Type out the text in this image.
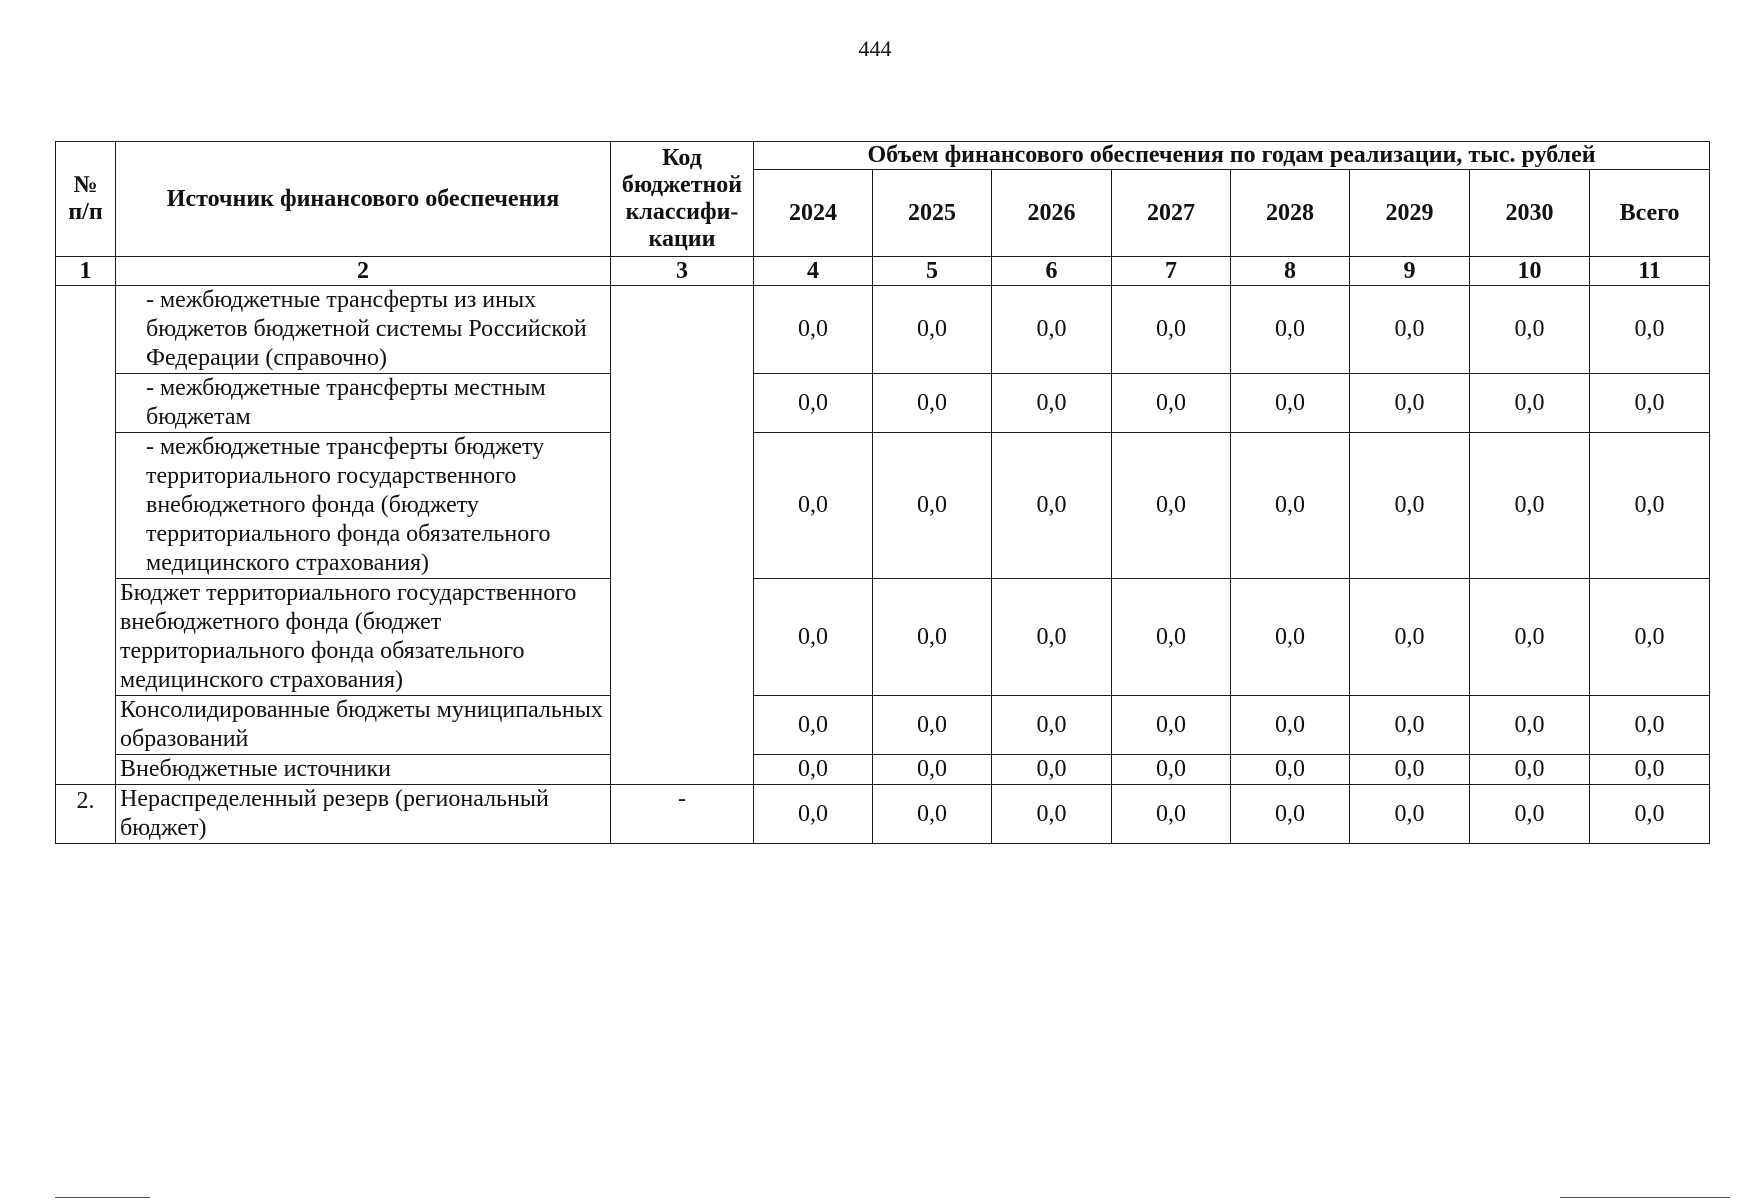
444
№ п/п	Источник финансового обеспечения	Код бюджетной классифи-кации	Объем финансового обеспечения по годам реализации, тыс. рублей							
			2024	2025	2026	2027	2028	2029	2030	Всего
1	2	3	4	5	6	7	8	9	10	11
	- межбюджетные трансферты из иных бюджетов бюджетной системы Российской Федерации (справочно)		0,0	0,0	0,0	0,0	0,0	0,0	0,0	0,0
	- межбюджетные трансферты местным бюджетам		0,0	0,0	0,0	0,0	0,0	0,0	0,0	0,0
	- межбюджетные трансферты бюджету территориального государственного внебюджетного фонда (бюджету территориального фонда обязательного медицинского страхования)		0,0	0,0	0,0	0,0	0,0	0,0	0,0	0,0
	Бюджет территориального государственного внебюджетного фонда (бюджет территориального фонда обязательного медицинского страхования)		0,0	0,0	0,0	0,0	0,0	0,0	0,0	0,0
	Консолидированные бюджеты муниципальных образований		0,0	0,0	0,0	0,0	0,0	0,0	0,0	0,0
	Внебюджетные источники		0,0	0,0	0,0	0,0	0,0	0,0	0,0	0,0
2.	Нераспределенный резерв (региональный бюджет)	-	0,0	0,0	0,0	0,0	0,0	0,0	0,0	0,0
